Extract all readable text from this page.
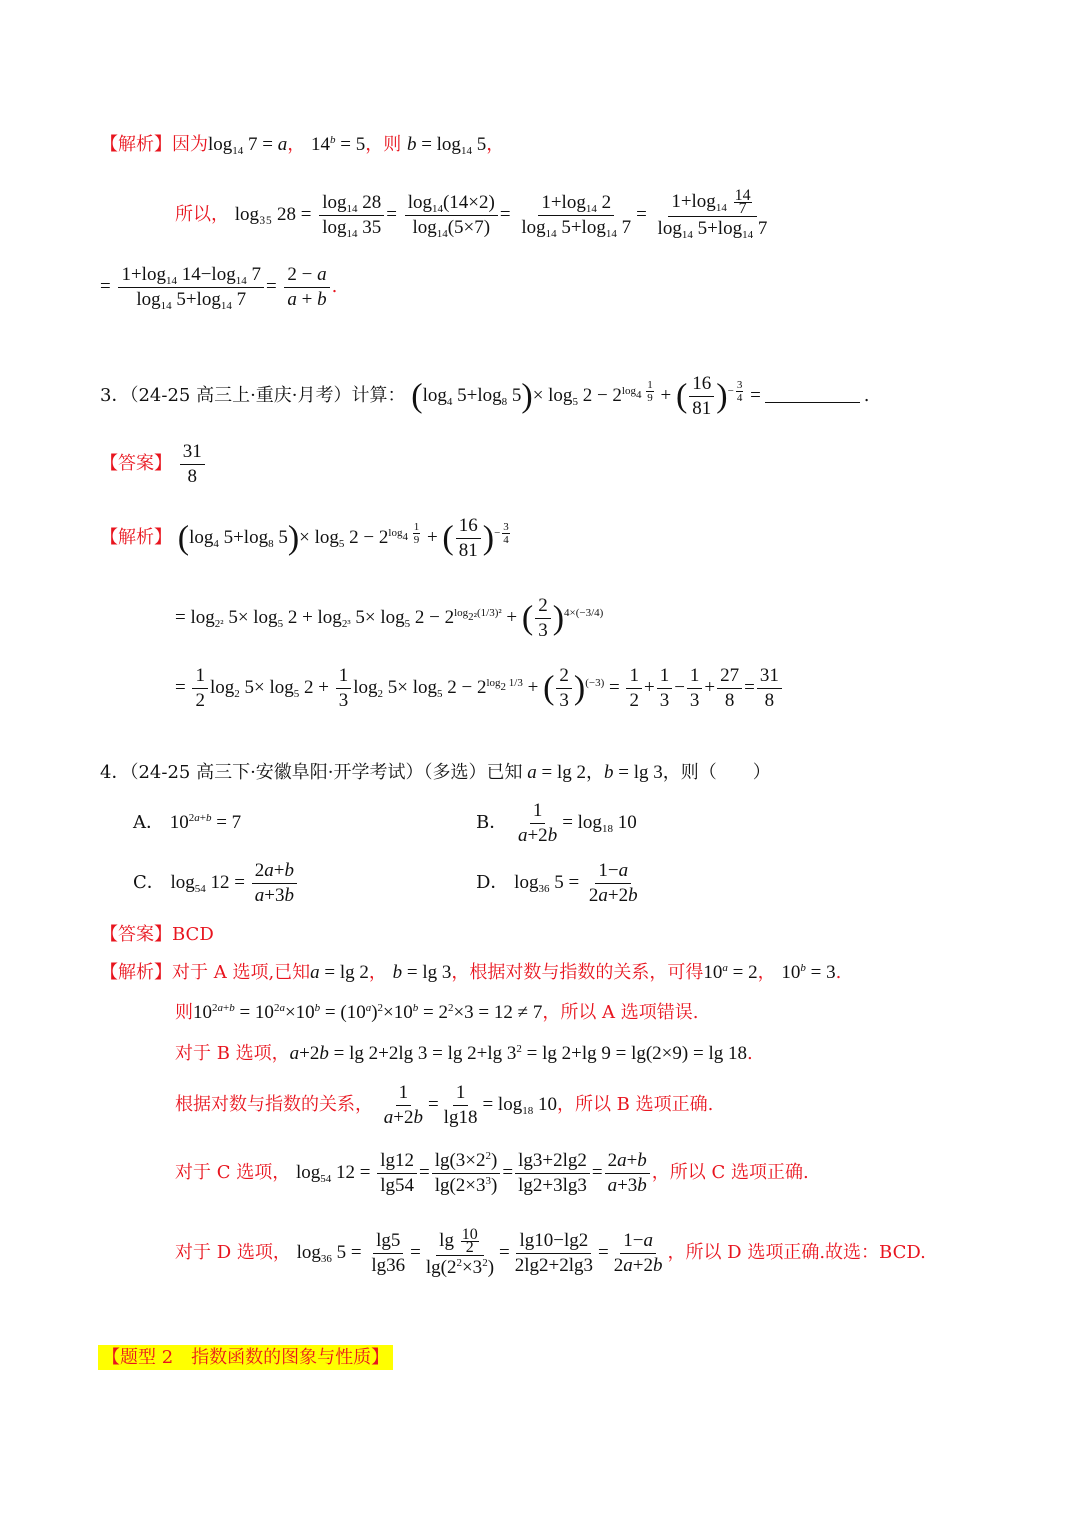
【解析】因为$\log_{14} 7 = a$， $14^b = 5$，则 $b = \log_{14} 5$，
所以， log₃₅ $28 = \frac{\log_{14} 28}{\log_{14} 35} = \frac{\log_{14}(14\times 2)}{\log_{14}(5\times 7)} = \frac{1+\log_{14} 2}{\log_{14} 5+\log_{14} 7} = \frac{1+\log_{14} \frac{14}{7}}{\log_{14} 5+\log_{14} 7}$
= $\frac{1+\log_{14} 14-\log_{14} 7}{\log_{14} 5+\log_{14} 7} = \frac{2 - a}{a + b}$ .
3．（24-25 高三上·重庆·月考）计算： ($\log_4$ $5+\log_8$ $5)\times \log_5 2 - 2^{log_4 \frac{1}{9}}$ + ( $\frac{16}{81} )^{- \frac{3}{4}}$ =	.
【答案】 $\frac{31}{8}$
【解析】 ($\log_4$ $5+\log_8$ $5)\times \log_5 2 - 2^{log_4 \frac{1}{9}}$ + ( $\frac{16}{81} )^{- \frac{3}{4}}$
= $\log_{2^2} 5\times \log_5 2 + \log_{2^3} 5\times \log_5 2 - 2^{log_{2^2}(1/3)^2}$ + ( $\frac{2}{3} )^{4\times(-3/4)}$
= $\frac{1}{2} \log_2 5\times \log_5 2 + \frac{1}{3} \log_2 5\times \log_5 2 - 2^{log_2 1/3}$ + ( $\frac{2}{3} )^{(-3)} = \frac{1}{2} + \frac{1}{3} - \frac{1}{3} + \frac{27}{8} = \frac{31}{8}$
4．（24-25 高三下·安徽阜阳·开学考试）（多选）已知 a = lg 2，b = lg 3，则（　　）
A． $10^{2a+b} = 7$	B． $\frac{1}{a+2b} = \log_{18} 10$
C． $\log_{54} 12 = \frac{2a+b}{a+3b}$	D． $\log_{36} 5 = \frac{1-a}{2a+2b}$
【答案】BCD
【解析】对于 A 选项,已知a = lg 2， b = lg 3，根据对数与指数的关系，可得$10^a = 2$， $10^b = 3$.
则$10^{2a+b} = 10^{2a}\times 10^b = (10^a)^2\times 10^b = 2^2\times 3 = 12 \ne 7$，所以 A 选项错误.
对于 B 选项，a+2b = lg 2+2lg 3 = lg 2+lg $3^2 = \lg 2+\lg$ 9 = lg(2×9) = lg 18.
根据对数与指数的关系， $\frac{1}{a+2b} = \frac{1}{\lg 18} = \log_{18} 10$，所以 B 选项正确.
对于 C 选项， $\log_{54} 12 = \frac{\lg 12}{\lg 54} = \frac{\lg(3\times 2^2)}{\lg(2\times 3^3)} = \frac{\lg 3+2\lg 2}{\lg 2+3\lg 3} = \frac{2a+b}{a+3b}$ ，所以 C 选项正确.
对于 D 选项， $\log_{36} 5 = \frac{\lg 5}{\lg 36} = \frac{\lg \frac{10}{2}}{\lg(2^2\times 3^2)} = \frac{\lg 10-\lg 2}{2\lg 2+2\lg 3} = \frac{1-a}{2a+2b}$ ，所以 D 选项正确.故选：BCD.
【题型 2　指数函数的图象与性质】
